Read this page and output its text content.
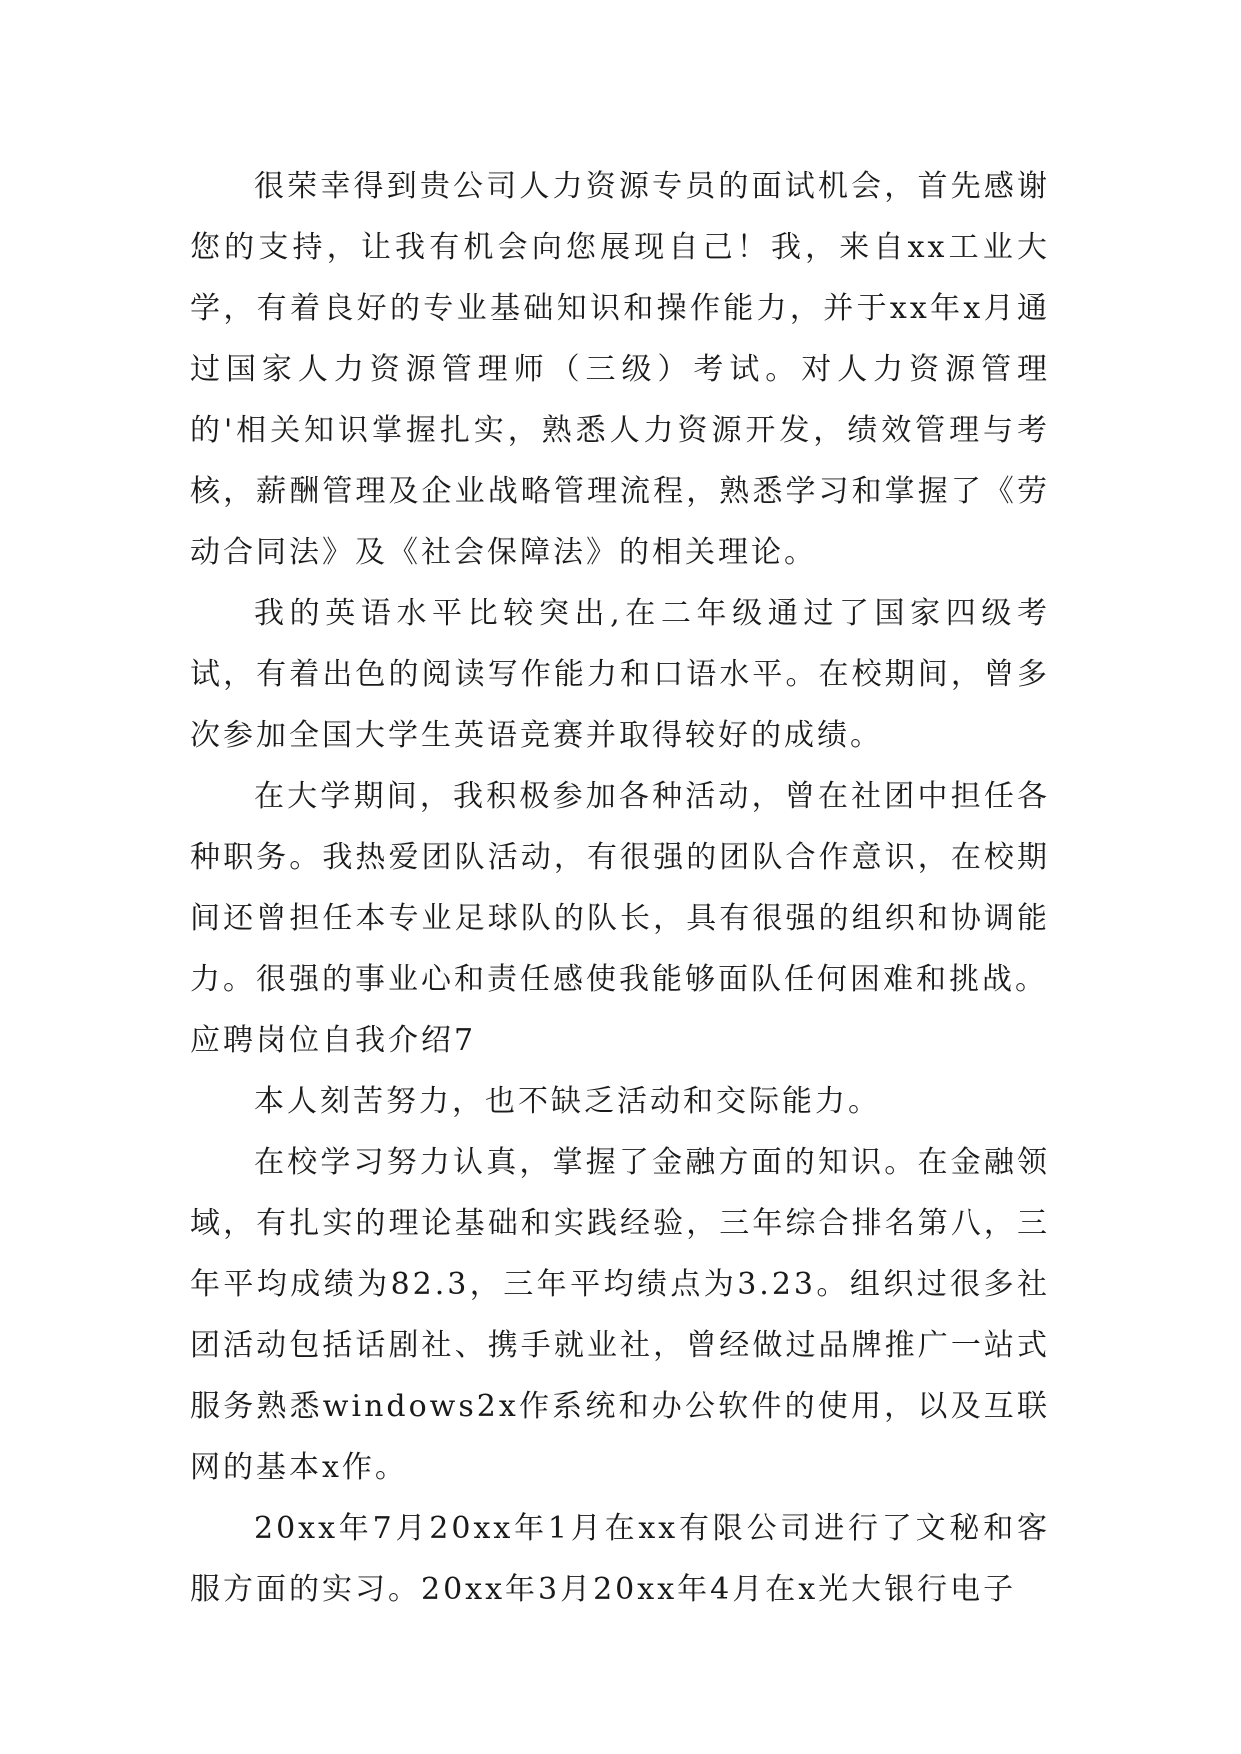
很荣幸得到贵公司人力资源专员的面试机会，首先感谢您的支持，让我有机会向您展现自己！我，来自xx工业大学，有着良好的专业基础知识和操作能力，并于xx年x月通过国家人力资源管理师（三级）考试。对人力资源管理的'相关知识掌握扎实，熟悉人力资源开发，绩效管理与考核，薪酬管理及企业战略管理流程，熟悉学习和掌握了《劳动合同法》及《社会保障法》的相关理论。

我的英语水平比较突出,在二年级通过了国家四级考试，有着出色的阅读写作能力和口语水平。在校期间，曾多次参加全国大学生英语竞赛并取得较好的成绩。

在大学期间，我积极参加各种活动，曾在社团中担任各种职务。我热爱团队活动，有很强的团队合作意识，在校期间还曾担任本专业足球队的队长，具有很强的组织和协调能力。很强的事业心和责任感使我能够面队任何困难和挑战。

应聘岗位自我介绍7

本人刻苦努力，也不缺乏活动和交际能力。

在校学习努力认真，掌握了金融方面的知识。在金融领域，有扎实的理论基础和实践经验，三年综合排名第八，三年平均成绩为82.3，三年平均绩点为3.23。组织过很多社团活动包括话剧社、携手就业社，曾经做过品牌推广一站式服务熟悉windows2x作系统和办公软件的使用，以及互联网的基本x作。

20xx年7月20xx年1月在xx有限公司进行了文秘和客服方面的实习。20xx年3月20xx年4月在x光大银行电子
